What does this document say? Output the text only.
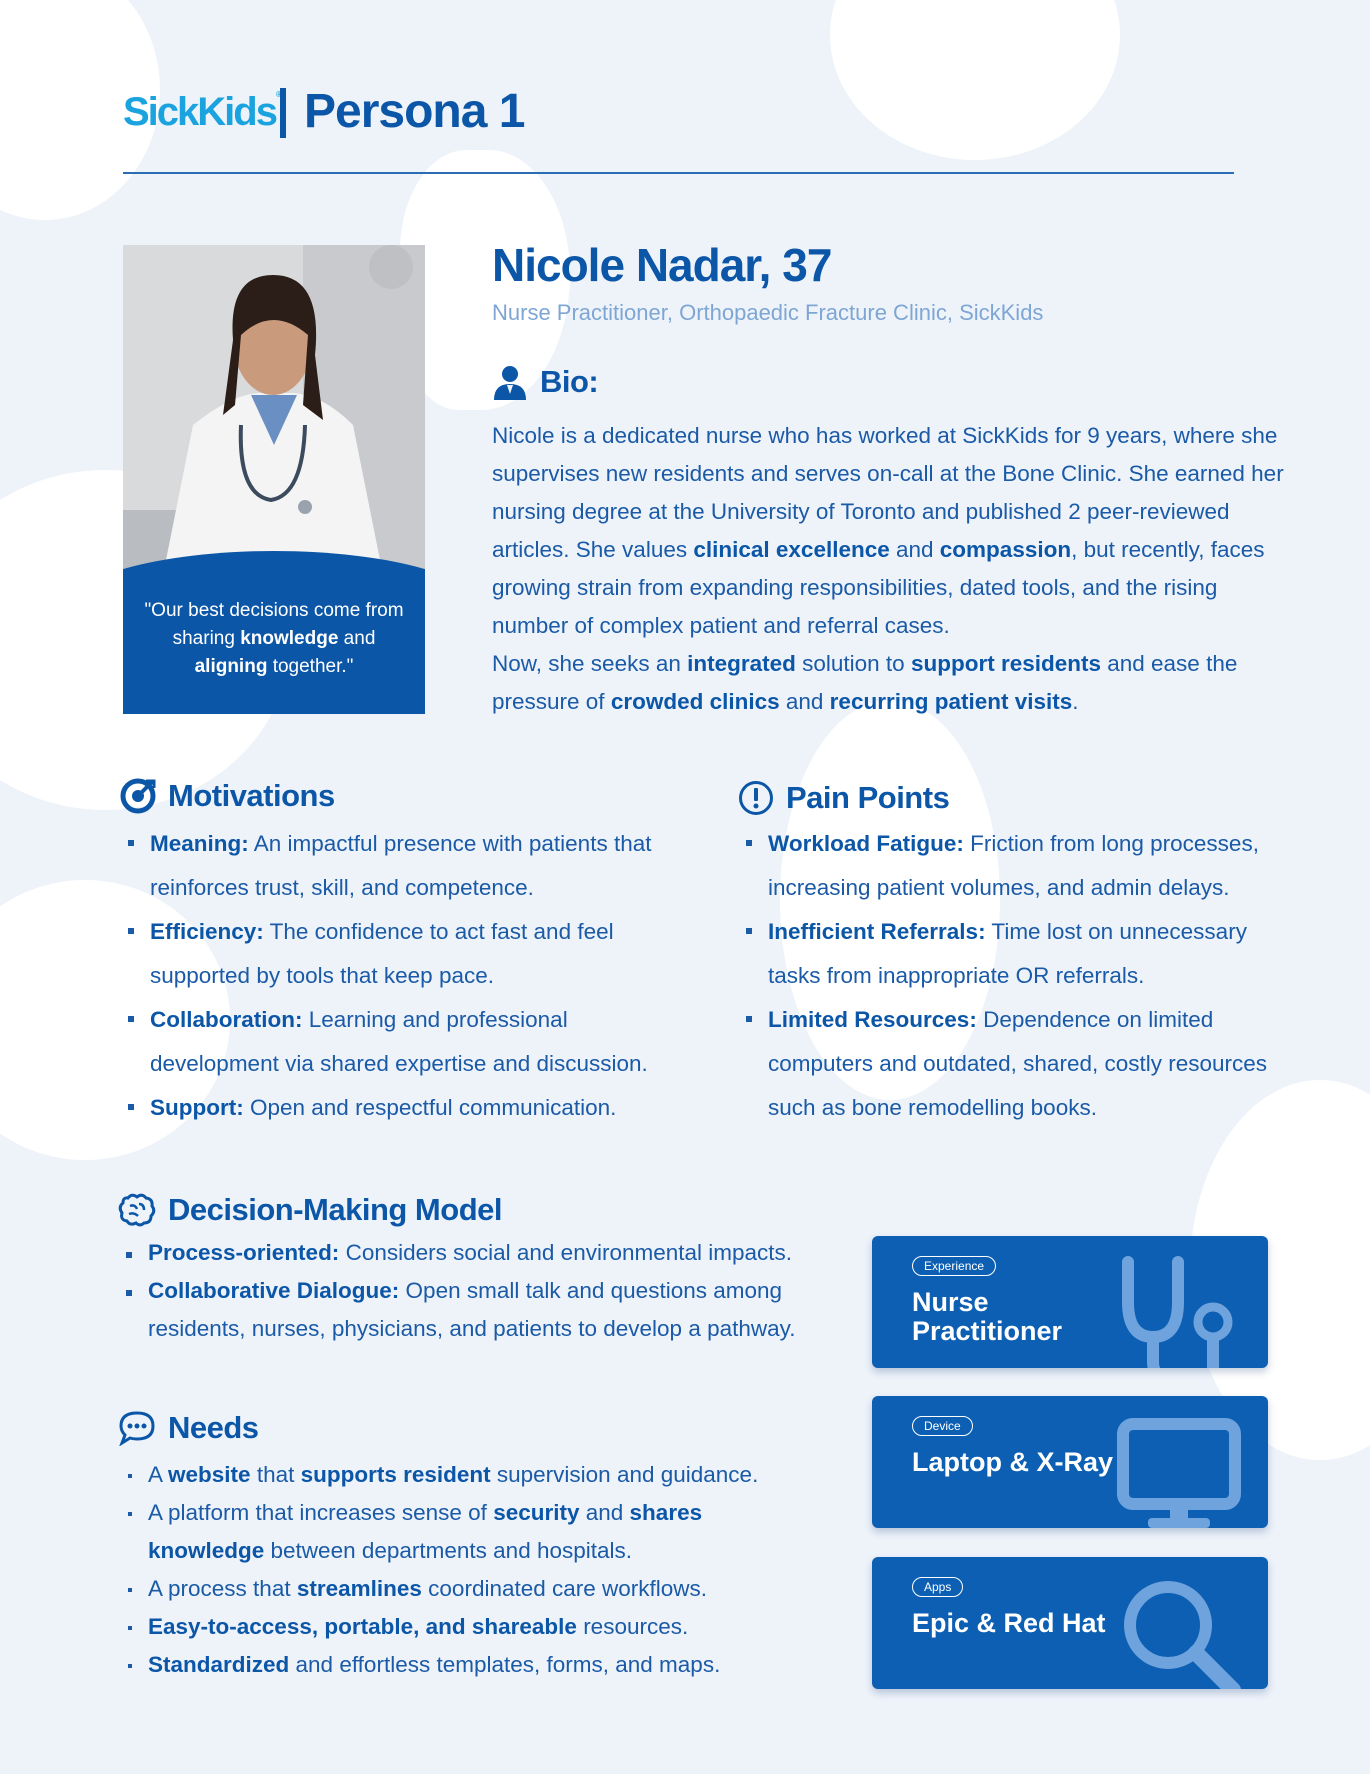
SickKids® Persona 1
"Our best decisions come from sharing knowledge and aligning together."
Nicole Nadar, 37
Nurse Practitioner, Orthopaedic Fracture Clinic, SickKids
Bio:
Nicole is a dedicated nurse who has worked at SickKids for 9 years, where she supervises new residents and serves on-call at the Bone Clinic. She earned her nursing degree at the University of Toronto and published 2 peer-reviewed articles. She values clinical excellence and compassion, but recently, faces growing strain from expanding responsibilities, dated tools, and the rising number of complex patient and referral cases.
Now, she seeks an integrated solution to support residents and ease the pressure of crowded clinics and recurring patient visits.
Motivations
Meaning: An impactful presence with patients that reinforces trust, skill, and competence.
Efficiency: The confidence to act fast and feel supported by tools that keep pace.
Collaboration: Learning and professional development via shared expertise and discussion.
Support: Open and respectful communication.
Pain Points
Workload Fatigue: Friction from long processes, increasing patient volumes, and admin delays.
Inefficient Referrals: Time lost on unnecessary tasks from inappropriate OR referrals.
Limited Resources: Dependence on limited computers and outdated, shared, costly resources such as bone remodelling books.
Decision-Making Model
Process-oriented: Considers social and environmental impacts.
Collaborative Dialogue: Open small talk and questions among residents, nurses, physicians, and patients to develop a pathway.
Needs
A website that supports resident supervision and guidance.
A platform that increases sense of security and shares knowledge between departments and hospitals.
A process that streamlines coordinated care workflows.
Easy-to-access, portable, and shareable resources.
Standardized and effortless templates, forms, and maps.
Experience
Nurse Practitioner
Device
Laptop & X-Ray
Apps
Epic & Red Hat
